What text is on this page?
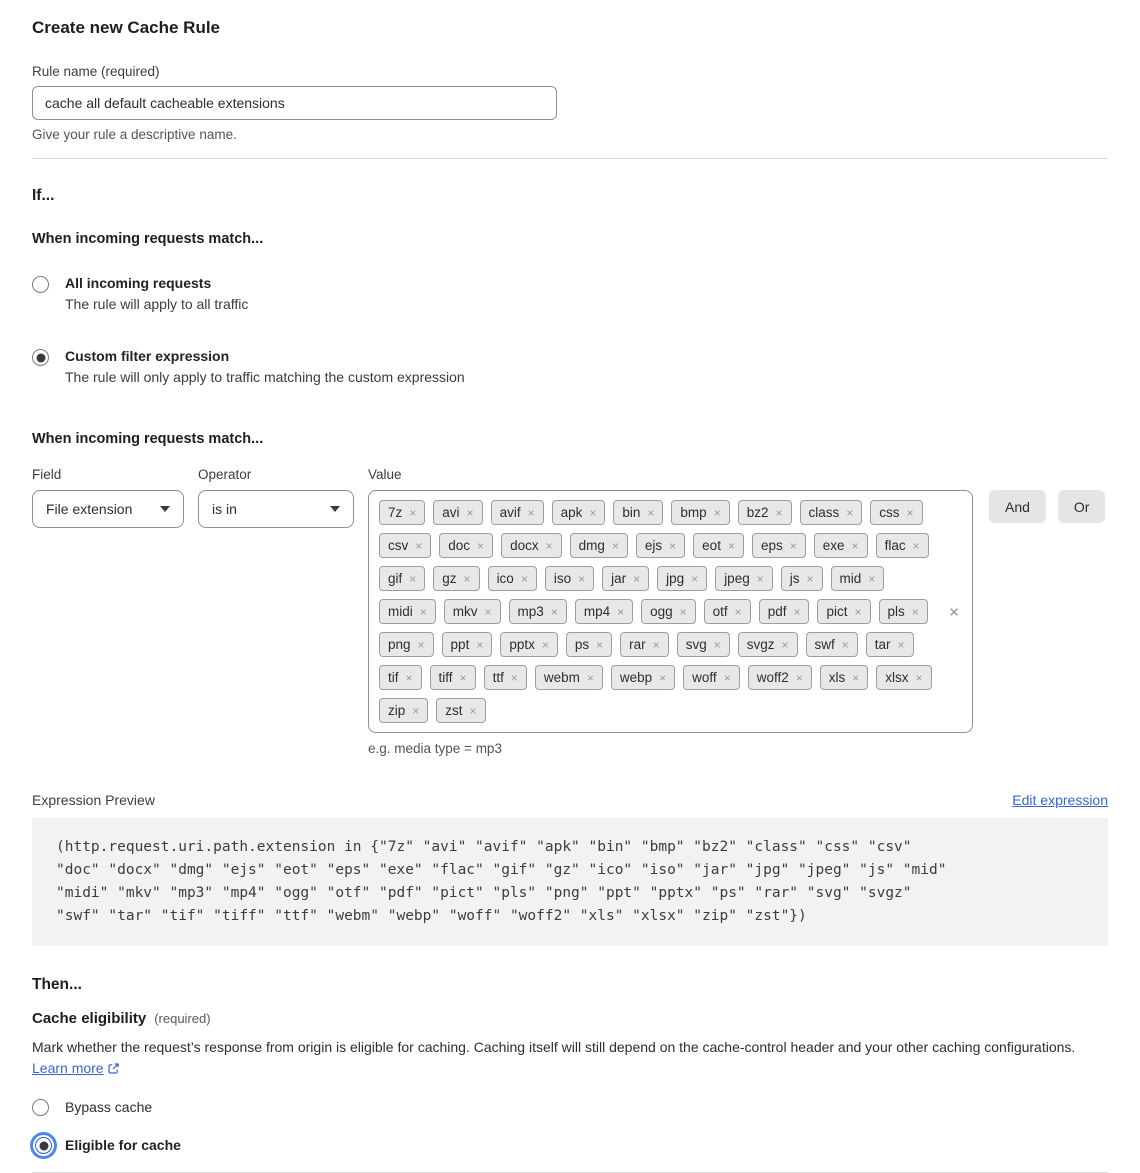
Create new Cache Rule
Rule name (required)
cache all default cacheable extensions
Give your rule a descriptive name.
If...
When incoming requests match...
All incoming requests
The rule will apply to all traffic
Custom filter expression
The rule will only apply to traffic matching the custom expression
When incoming requests match...
Field
File extension
Operator
is in
Value
7z × avi × avif × apk × bin × bmp × bz2 × class × css ×
csv × doc × docx × dmg × ejs × eot × eps × exe × flac ×
gif × gz × ico × iso × jar × jpg × jpeg × js × mid ×
midi × mkv × mp3 × mp4 × ogg × otf × pdf × pict × pls ×
png × ppt × pptx × ps × rar × svg × svgz × swf × tar ×
tif × tiff × ttf × webm × webp × woff × woff2 × xls × xlsx ×
zip × zst ×
×
e.g. media type = mp3
And	Or
Expression Preview	Edit expression
(http.request.uri.path.extension in {"7z" "avi" "avif" "apk" "bin" "bmp" "bz2" "class" "css" "csv"
"doc" "docx" "dmg" "ejs" "eot" "eps" "exe" "flac" "gif" "gz" "ico" "iso" "jar" "jpg" "jpeg" "js" "mid"
"midi" "mkv" "mp3" "mp4" "ogg" "otf" "pdf" "pict" "pls" "png" "ppt" "pptx" "ps" "rar" "svg" "svgz"
"swf" "tar" "tif" "tiff" "ttf" "webm" "webp" "woff" "woff2" "xls" "xlsx" "zip" "zst"})
Then...
Cache eligibility (required)
Mark whether the request’s response from origin is eligible for caching. Caching itself will still depend on the cache-control header and your other caching configurations. Learn more
Bypass cache
Eligible for cache
